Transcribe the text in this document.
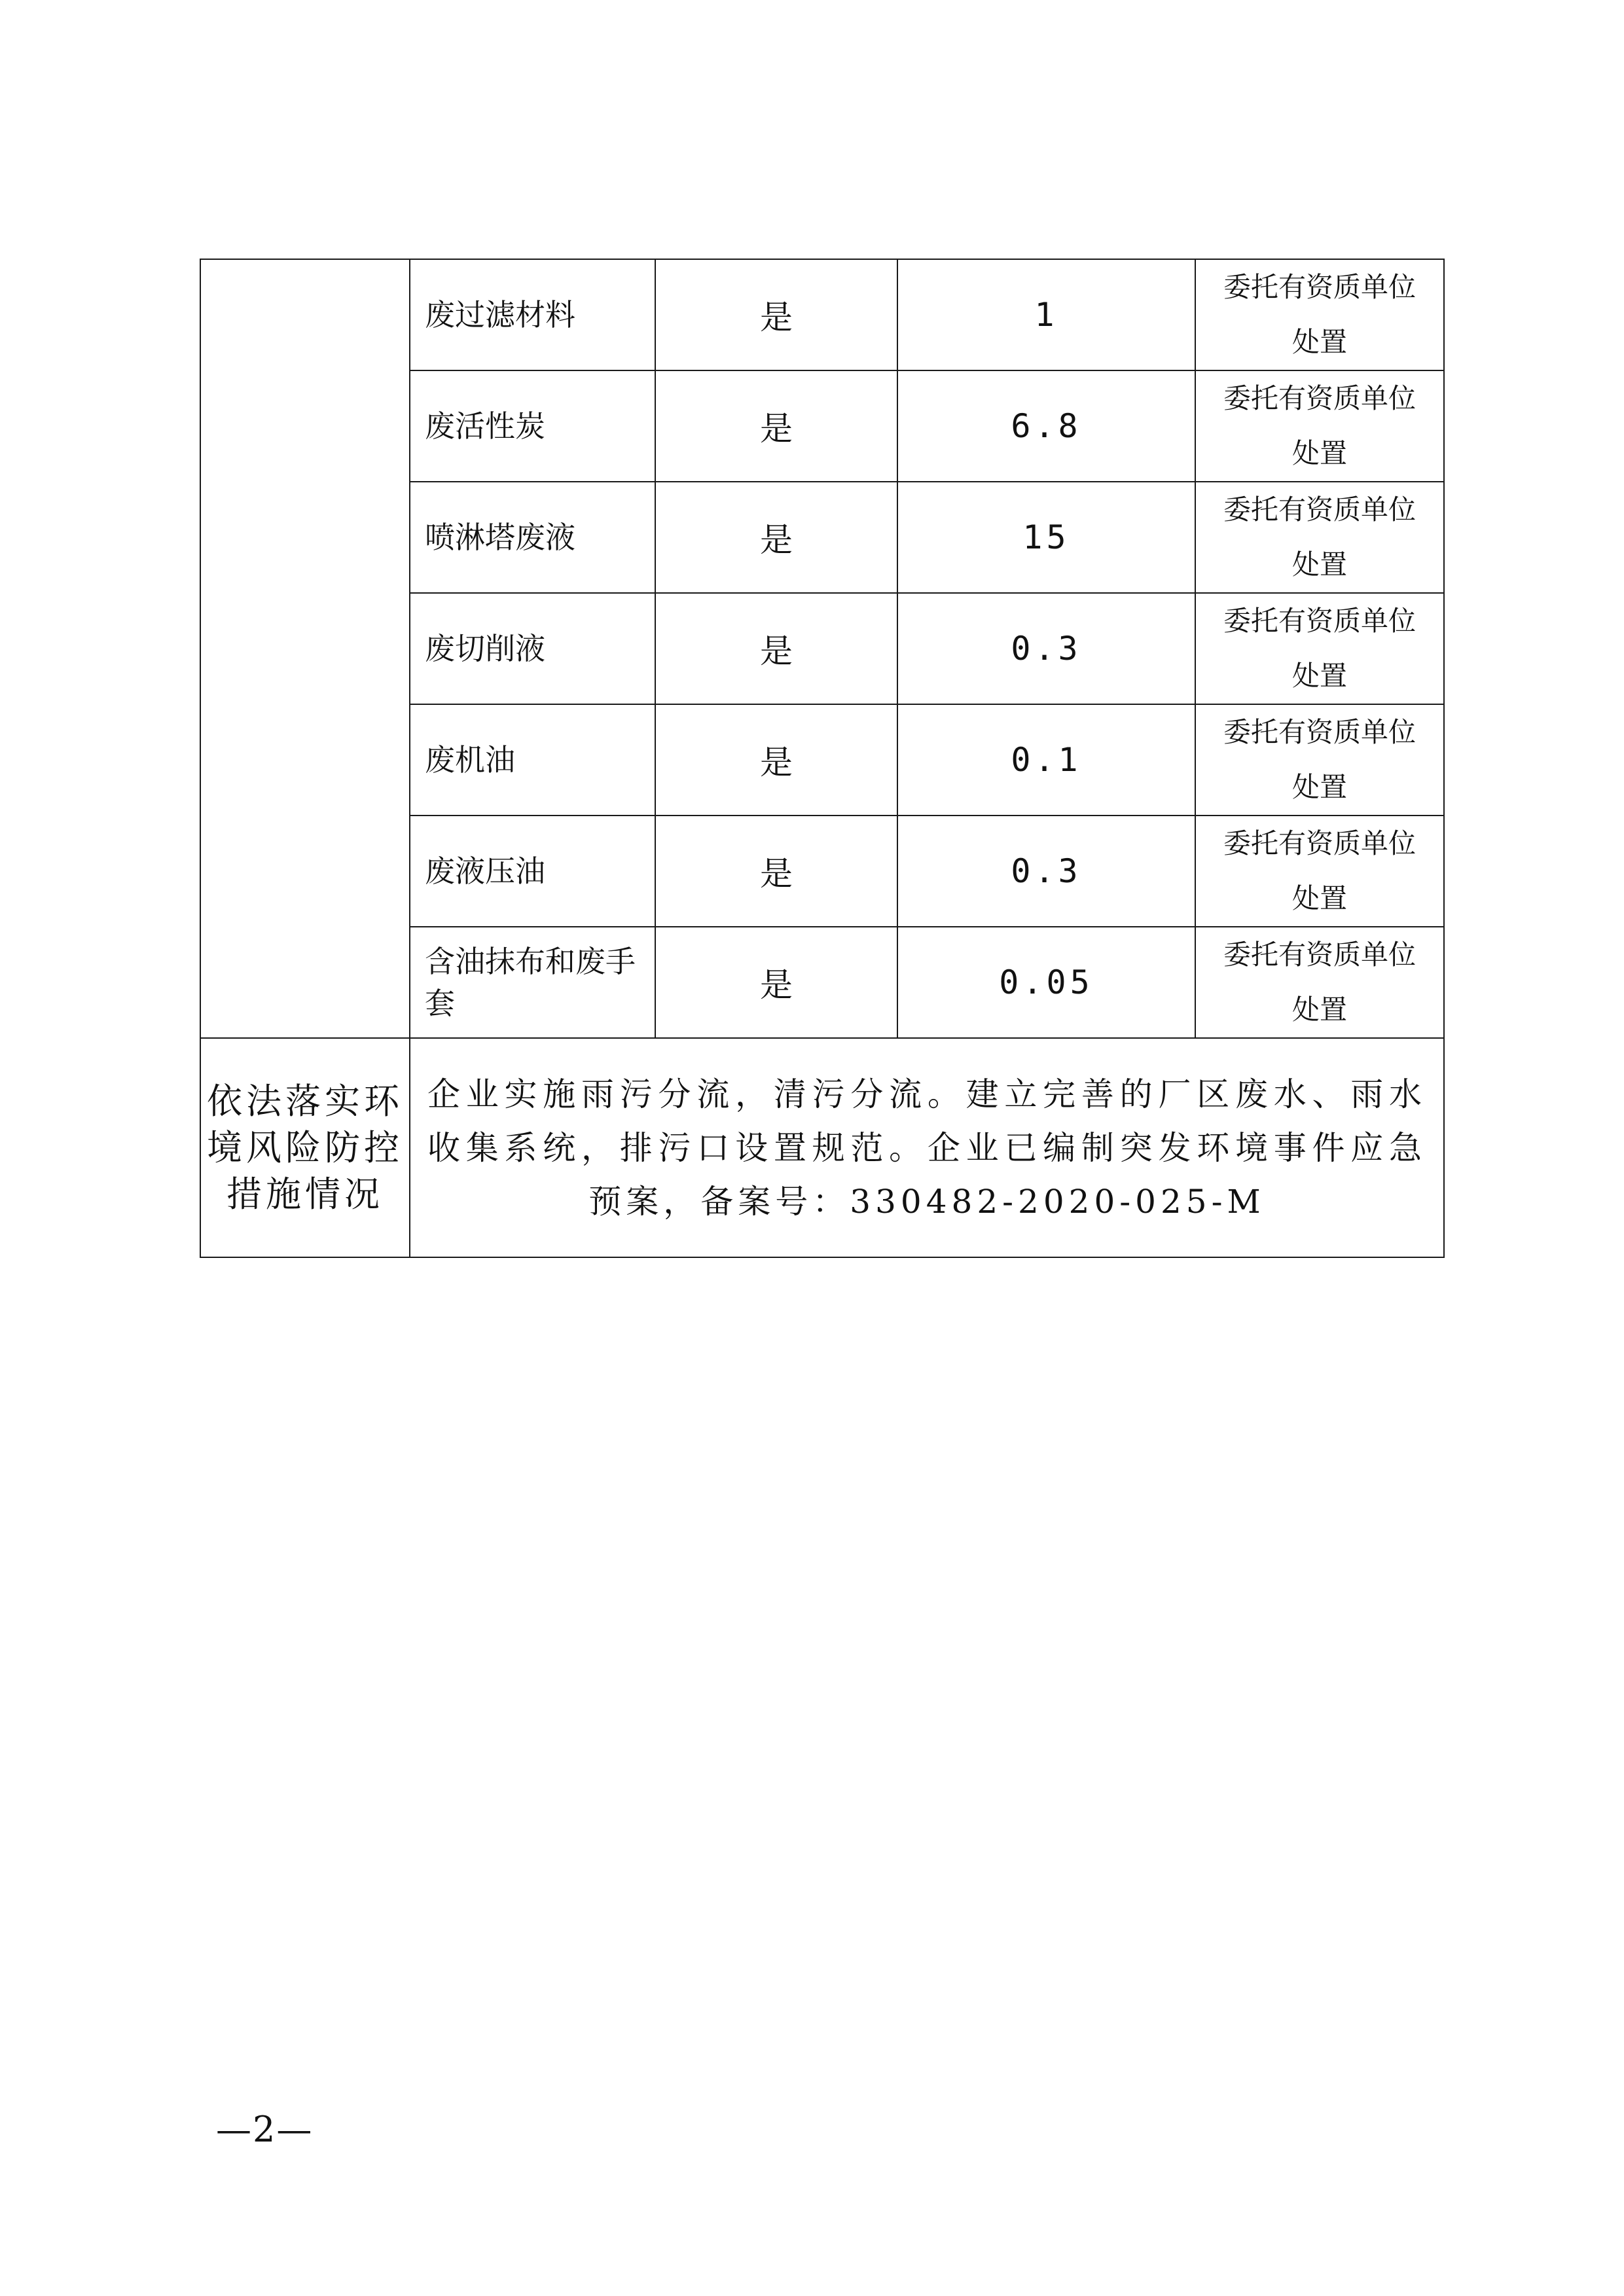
	废过滤材料	是	1	委托有资质单位
处置

	废活性炭	是	6.8	委托有资质单位
处置

	喷淋塔废液	是	15	委托有资质单位
处置

	废切削液	是	0.3	委托有资质单位
处置

	废机油	是	0.1	委托有资质单位
处置

	废液压油	是	0.3	委托有资质单位
处置

	含油抹布和废手套	是	0.05	委托有资质单位
处置

依法落实环境风险防控措施情况	企业实施雨污分流，清污分流。建立完善的厂区废水、雨水收集系统，排污口设置规范。企业已编制突发环境事件应急预案，备案号：330482-2020-025-M			
—2—
